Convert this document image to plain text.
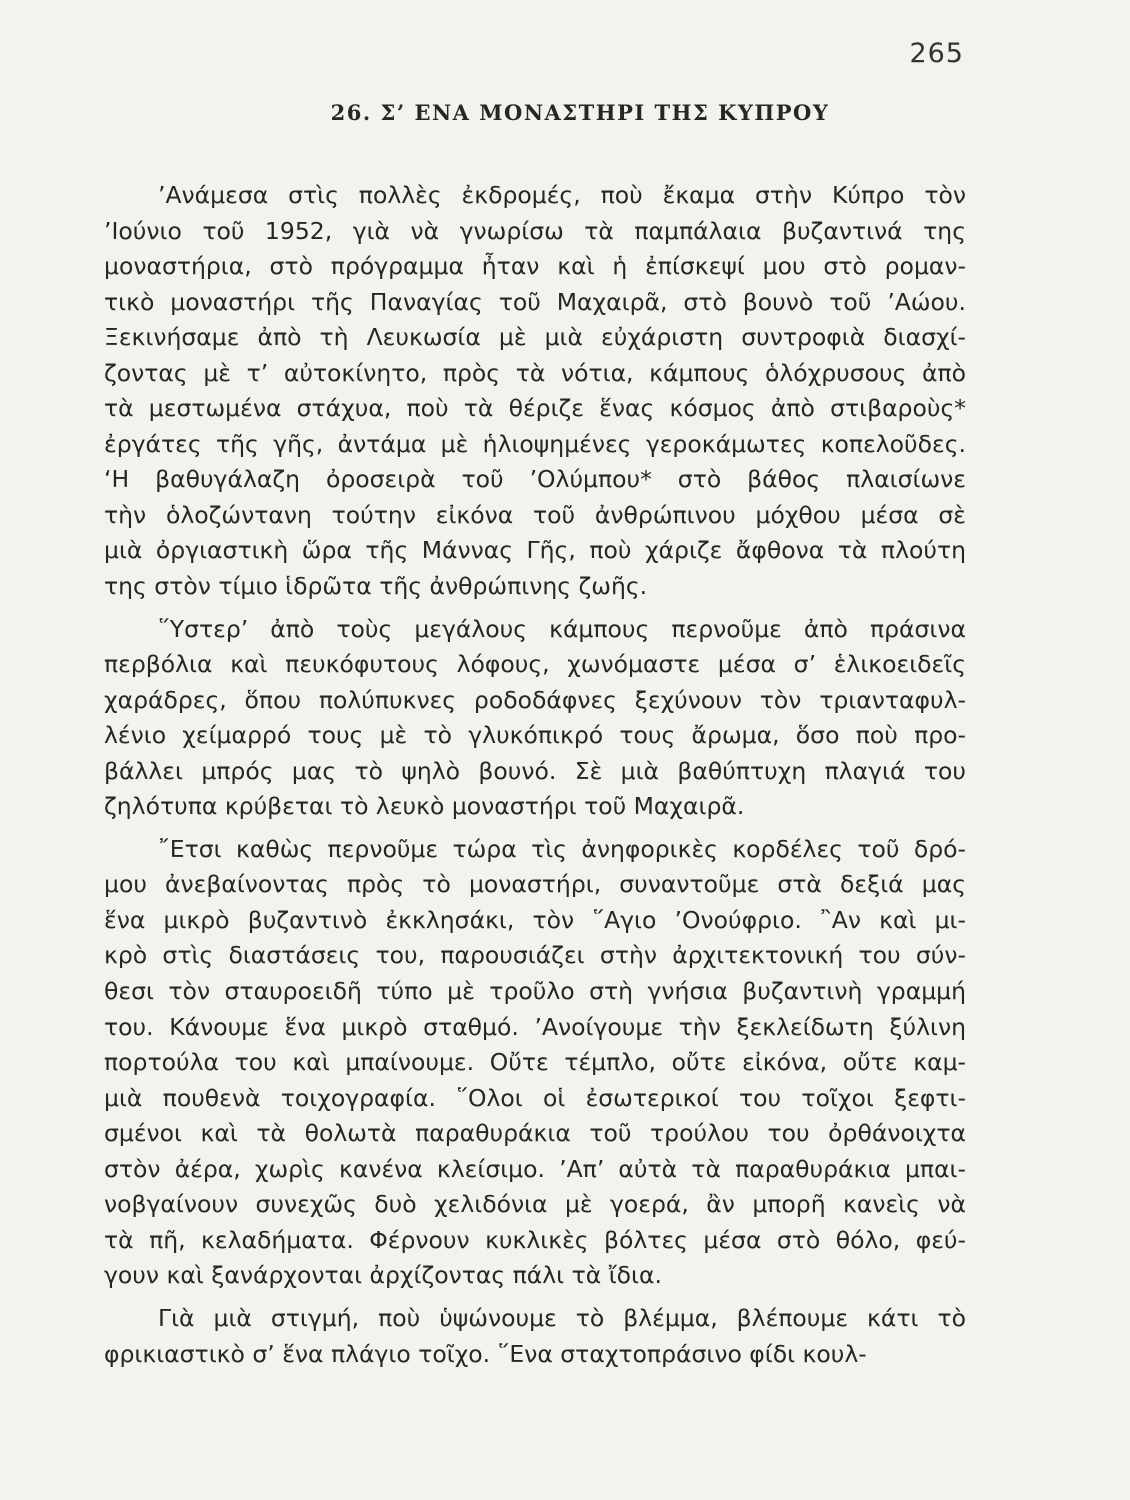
265
26. Σ’ ΕΝΑ ΜΟΝΑΣΤΗΡΙ ΤΗΣ ΚΥΠΡΟΥ
’Ανάμεσα στὶς πολλὲς ἐκδρομές, ποὺ ἔκαμα στὴν Κύπρο τὸν
’Ιούνιο τοῦ 1952, γιὰ νὰ γνωρίσω τὰ παμπάλαια βυζαντινά της
μοναστήρια, στὸ πρόγραμμα ἦταν καὶ ἡ ἐπίσκεψί μου στὸ ρομαν-
τικὸ μοναστήρι τῆς Παναγίας τοῦ Μαχαιρᾶ, στὸ βουνὸ τοῦ ’Αώου.
Ξεκινήσαμε ἀπὸ τὴ Λευκωσία μὲ μιὰ εὐχάριστη συντροφιὰ διασχί-
ζοντας μὲ τ’ αὐτοκίνητο, πρὸς τὰ νότια, κάμπους ὁλόχρυσους ἀπὸ
τὰ μεστωμένα στάχυα, ποὺ τὰ θέριζε ἕνας κόσμος ἀπὸ στιβαροὺς*
ἐργάτες τῆς γῆς, ἀντάμα μὲ ἡλιοψημένες γεροκάμωτες κοπελοῦδες.
‘Η βαθυγάλαζη ὀροσειρὰ τοῦ ’Ολύμπου* στὸ βάθος πλαισίωνε
τὴν ὁλοζώντανη τούτην εἰκόνα τοῦ ἀνθρώπινου μόχθου μέσα σὲ
μιὰ ὀργιαστικὴ ὥρα τῆς Μάννας Γῆς, ποὺ χάριζε ἄφθονα τὰ πλούτη
της στὸν τίμιο ἱδρῶτα τῆς ἀνθρώπινης ζωῆς.
῞Υστερ’ ἀπὸ τοὺς μεγάλους κάμπους περνοῦμε ἀπὸ πράσινα
περβόλια καὶ πευκόφυτους λόφους, χωνόμαστε μέσα σ’ ἑλικοειδεῖς
χαράδρες, ὅπου πολύπυκνες ροδοδάφνες ξεχύνουν τὸν τριανταφυλ-
λένιο χείμαρρό τους μὲ τὸ γλυκόπικρό τους ἄρωμα, ὅσο ποὺ προ-
βάλλει μπρός μας τὸ ψηλὸ βουνό. Σὲ μιὰ βαθύπτυχη πλαγιά του
ζηλότυπα κρύβεται τὸ λευκὸ μοναστήρι τοῦ Μαχαιρᾶ.
῎Ετσι καθὼς περνοῦμε τώρα τὶς ἀνηφορικὲς κορδέλες τοῦ δρό-
μου ἀνεβαίνοντας πρὸς τὸ μοναστήρι, συναντοῦμε στὰ δεξιά μας
ἕνα μικρὸ βυζαντινὸ ἐκκλησάκι, τὸν ῞Αγιο ’Ονούφριο. ῍Αν καὶ μι-
κρὸ στὶς διαστάσεις του, παρουσιάζει στὴν ἀρχιτεκτονική του σύν-
θεσι τὸν σταυροειδῆ τύπο μὲ τροῦλο στὴ γνήσια βυζαντινὴ γραμμή
του. Κάνουμε ἕνα μικρὸ σταθμό. ’Ανοίγουμε τὴν ξεκλείδωτη ξύλινη
πορτούλα του καὶ μπαίνουμε. Οὔτε τέμπλο, οὔτε εἰκόνα, οὔτε καμ-
μιὰ πουθενὰ τοιχογραφία. ῞Ολοι οἱ ἐσωτερικοί του τοῖχοι ξεφτι-
σμένοι καὶ τὰ θολωτὰ παραθυράκια τοῦ τρούλου του ὀρθάνοιχτα
στὸν ἀέρα, χωρὶς κανένα κλείσιμο. ’Απ’ αὐτὰ τὰ παραθυράκια μπαι-
νοβγαίνουν συνεχῶς δυὸ χελιδόνια μὲ γοερά, ἂν μπορῆ κανεὶς νὰ
τὰ πῆ, κελαδήματα. Φέρνουν κυκλικὲς βόλτες μέσα στὸ θόλο, φεύ-
γουν καὶ ξανάρχονται ἀρχίζοντας πάλι τὰ ἴδια.
Γιὰ μιὰ στιγμή, ποὺ ὑψώνουμε τὸ βλέμμα, βλέπουμε κάτι τὸ
φρικιαστικὸ σ’ ἕνα πλάγιο τοῖχο. ῞Ενα σταχτοπράσινο φίδι κουλ-
